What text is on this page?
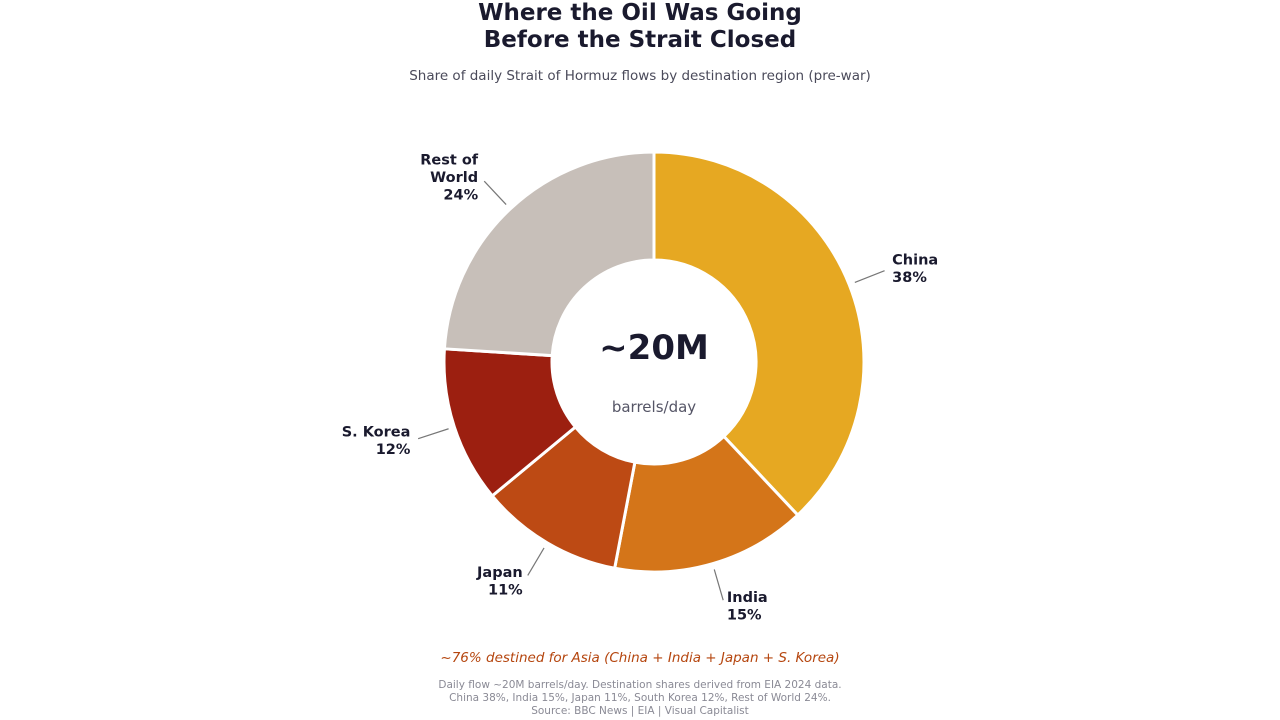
Where the Oil Was Going
Before the Strait Closed
Share of daily Strait of Hormuz flows by destination region (pre-war)
China 38%
India 15%
Japan 11%
S. Korea 12%
Rest of World 24%
~20M
barrels/day
~76% destined for Asia (China + India + Japan + S. Korea)
Daily flow ~20M barrels/day. Destination shares derived from EIA 2024 data.
China 38%, India 15%, Japan 11%, South Korea 12%, Rest of World 24%.
Source: BBC News | EIA | Visual Capitalist
